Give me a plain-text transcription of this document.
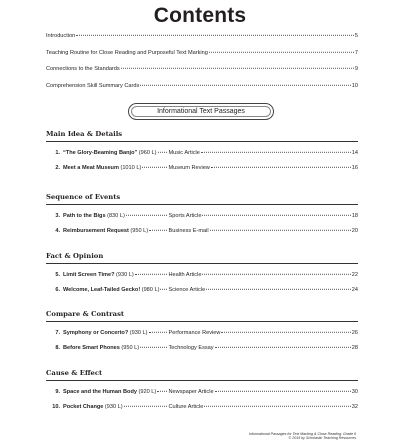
Contents
Introduction	5
Teaching Routine for Close Reading and Purposeful Text Marking	7
Connections to the Standards	9
Comprehension Skill Summary Cards	10
Informational Text Passages
Main Idea & Details
1. “The Glory-Beaming Banjo” (960 L) Music Article	14
2. Meet a Meat Museum (1010 L)	Museum Review	16
Sequence of Events
3. Path to the Bigs (830 L)	Sports Article	18
4. Reimbursement Request (950 L)	Business E-mail	20
Fact & Opinion
5. Limit Screen Time? (930 L)	Health Article	22
6. Welcome, Leaf-Tailed Gecko! (980 L) Science Article	24
Compare & Contrast
7. Symphony or Concerto? (930 L)	Performance Review	26
8. Before Smart Phones (950 L)	Technology Essay	28
Cause & Effect
9. Space and the Human Body (920 L) Newspaper Article	30
10. Pocket Change (930 L)	Culture Article	32
Informational Passages for Text Marking & Close Reading: Grade 6
© 2015 by Scholastic Teaching Resources
